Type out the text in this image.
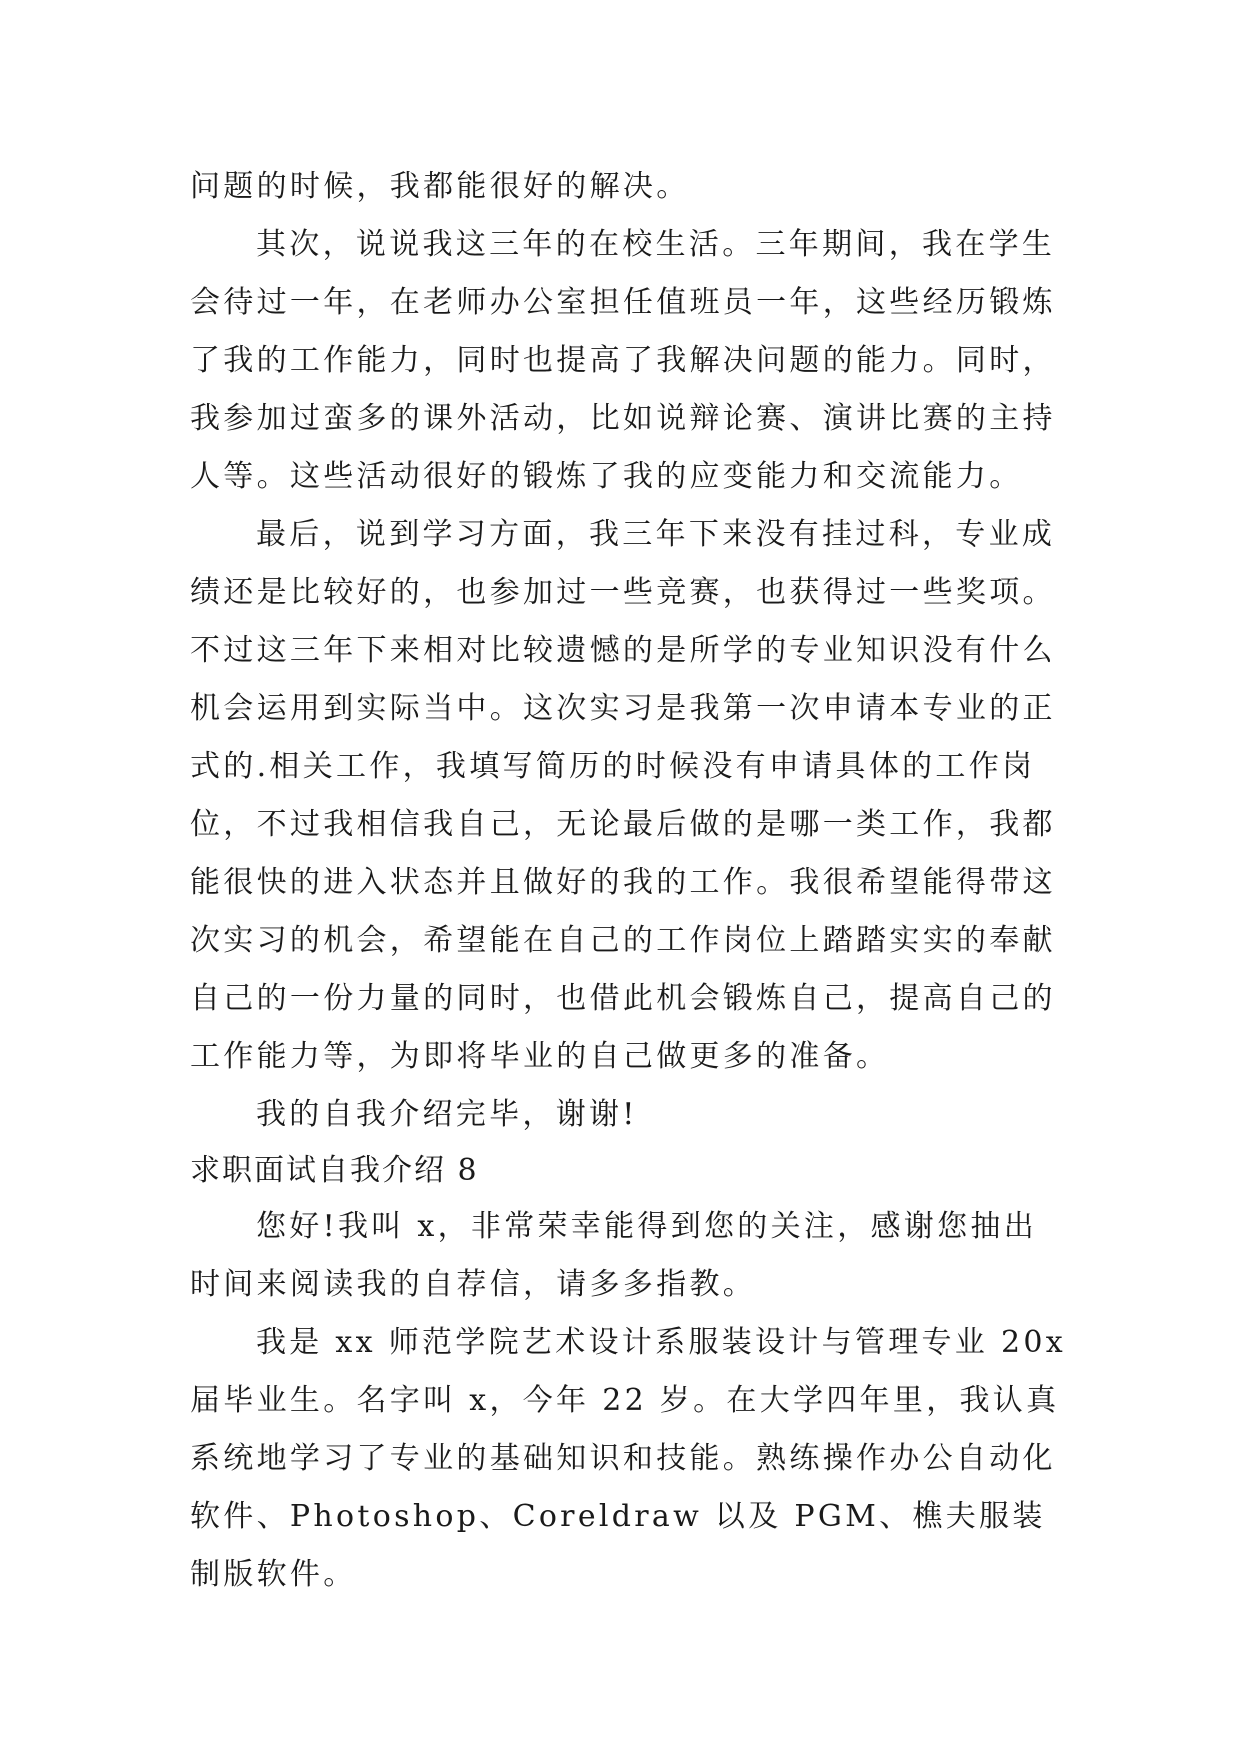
问题的时候，我都能很好的解决。

其次，说说我这三年的在校生活。三年期间，我在学生会待过一年，在老师办公室担任值班员一年，这些经历锻炼了我的工作能力，同时也提高了我解决问题的能力。同时，我参加过蛮多的课外活动，比如说辩论赛、演讲比赛的主持人等。这些活动很好的锻炼了我的应变能力和交流能力。

最后，说到学习方面，我三年下来没有挂过科，专业成绩还是比较好的，也参加过一些竞赛，也获得过一些奖项。不过这三年下来相对比较遗憾的是所学的专业知识没有什么机会运用到实际当中。这次实习是我第一次申请本专业的正式的.相关工作，我填写简历的时候没有申请具体的工作岗位，不过我相信我自己，无论最后做的是哪一类工作，我都能很快的进入状态并且做好的我的工作。我很希望能得带这次实习的机会，希望能在自己的工作岗位上踏踏实实的奉献自己的一份力量的同时，也借此机会锻炼自己，提高自己的工作能力等，为即将毕业的自己做更多的准备。

我的自我介绍完毕，谢谢!

求职面试自我介绍 8

您好!我叫 x，非常荣幸能得到您的关注，感谢您抽出时间来阅读我的自荐信，请多多指教。

我是 xx 师范学院艺术设计系服装设计与管理专业 20x 届毕业生。名字叫 x，今年 22 岁。在大学四年里，我认真系统地学习了专业的基础知识和技能。熟练操作办公自动化软件、Photoshop、Coreldraw 以及 PGM、樵夫服装制版软件。
